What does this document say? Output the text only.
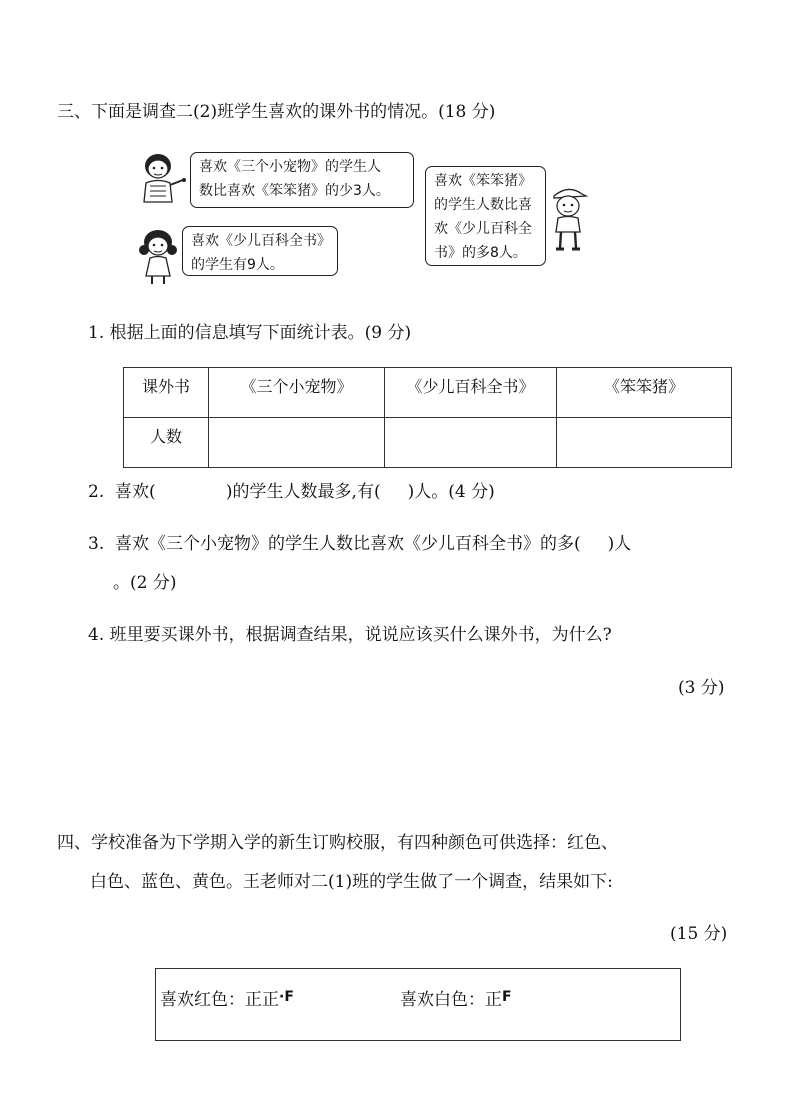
三、下面是调查二(2)班学生喜欢的课外书的情况。(18 分)
喜欢《三个小宠物》的学生人
数比喜欢《笨笨猪》的少3人。
喜欢《少儿百科全书》
的学生有9人。
喜欢《笨笨猪》
的学生人数比喜
欢《少儿百科全
书》的多8人。
1. 根据上面的信息填写下面统计表。(9 分)
课外书	《三个小宠物》	《少儿百科全书》	《笨笨猪》
人数			
2.  喜欢(             )的学生人数最多,有(     )人。(4 分)
3.  喜欢《三个小宠物》的学生人数比喜欢《少儿百科全书》的多(     )人
。(2 分)
4. 班里要买课外书，根据调查结果，说说应该买什么课外书，为什么?
(3 分)
四、学校准备为下学期入学的新生订购校服，有四种颜色可供选择：红色、
白色、蓝色、黄色。王老师对二(1)班的学生做了一个调查，结果如下:
(15 分)
喜欢红色：正正$^{\cdot F}$	喜欢白色：正$^F$
